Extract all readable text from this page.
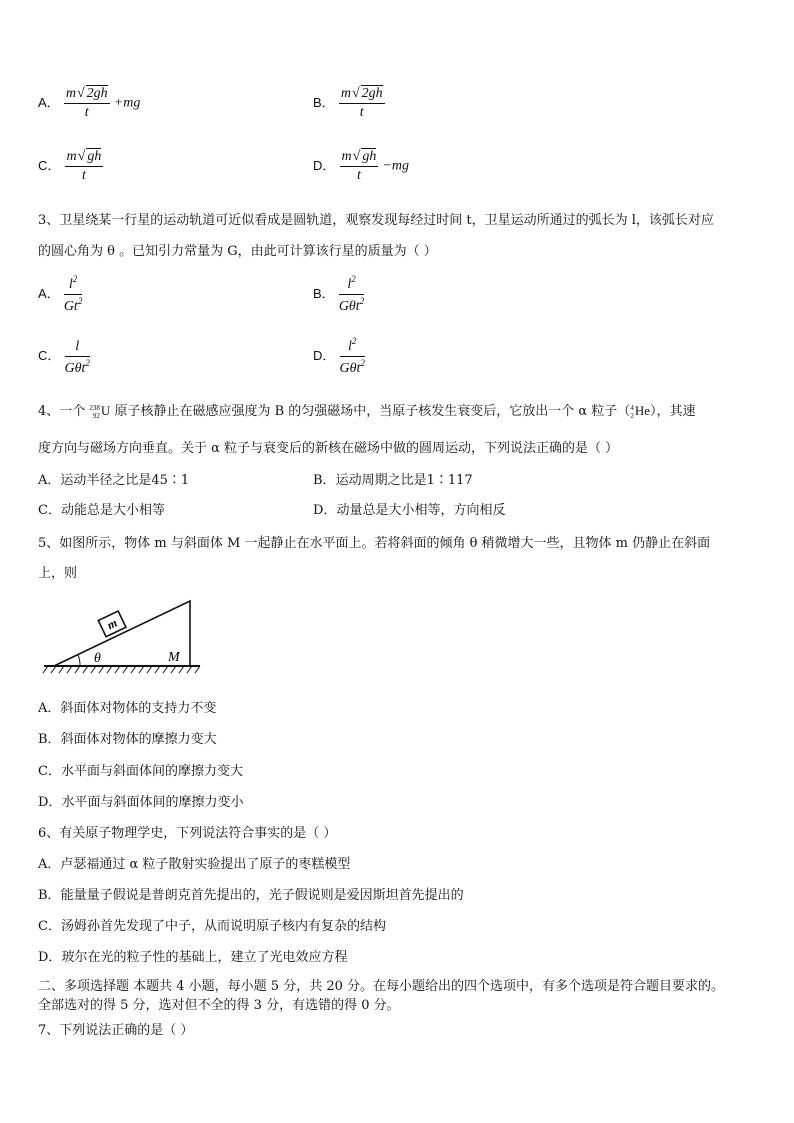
A． $\frac{m√ 2gh}{t} +mg$	B． $\frac{m√ 2gh}{t}$
C． $\frac{m√ gh}{t}$	D． $\frac{m√ gh}{t} -mg$
3、卫星绕某一行星的运动轨道可近似看成是圆轨道，观察发现每经过时间 t，卫星运动所通过的弧长为 l，该弧长对应
的圆心角为 θ 。已知引力常量为 G，由此可计算该行星的质量为（ ）
A． $\frac{l^2}{Gt^2}$	B． $\frac{l^2}{G\theta t^2}$
C． $\frac{l}{G\theta t^2}$	D． $\frac{l^2}{G\theta t^2}$
4、一个 238
92U 原子核静止在磁感应强度为 B 的匀强磁场中，当原子核发生衰变后，它放出一个 α 粒子（4
2He），其速
度方向与磁场方向垂直。关于 α 粒子与衰变后的新核在磁场中做的圆周运动，下列说法正确的是（ ）
A．运动半径之比是45∶1	B．运动周期之比是1∶117
C．动能总是大小相等	D．动量总是大小相等，方向相反
5、如图所示，物体 m 与斜面体 M 一起静止在水平面上。若将斜面的倾角 θ 稍微增大一些，且物体 m 仍静止在斜面
上，则
θ
m
M
A．斜面体对物体的支持力不变
B．斜面体对物体的摩擦力变大
C．水平面与斜面体间的摩擦力变大
D．水平面与斜面体间的摩擦力变小
6、有关原子物理学史，下列说法符合事实的是（ ）
A．卢瑟福通过 α 粒子散射实验提出了原子的枣糕模型
B．能量量子假说是普朗克首先提出的，光子假说则是爱因斯坦首先提出的
C．汤姆孙首先发现了中子，从而说明原子核内有复杂的结构
D．玻尔在光的粒子性的基础上，建立了光电效应方程
二、多项选择题 本题共 4 小题，每小题 5 分，共 20 分。在每小题给出的四个选项中，有多个选项是符合题目要求的。
全部选对的得 5 分，选对但不全的得 3 分，有选错的得 0 分。
7、下列说法正确的是（ ）
